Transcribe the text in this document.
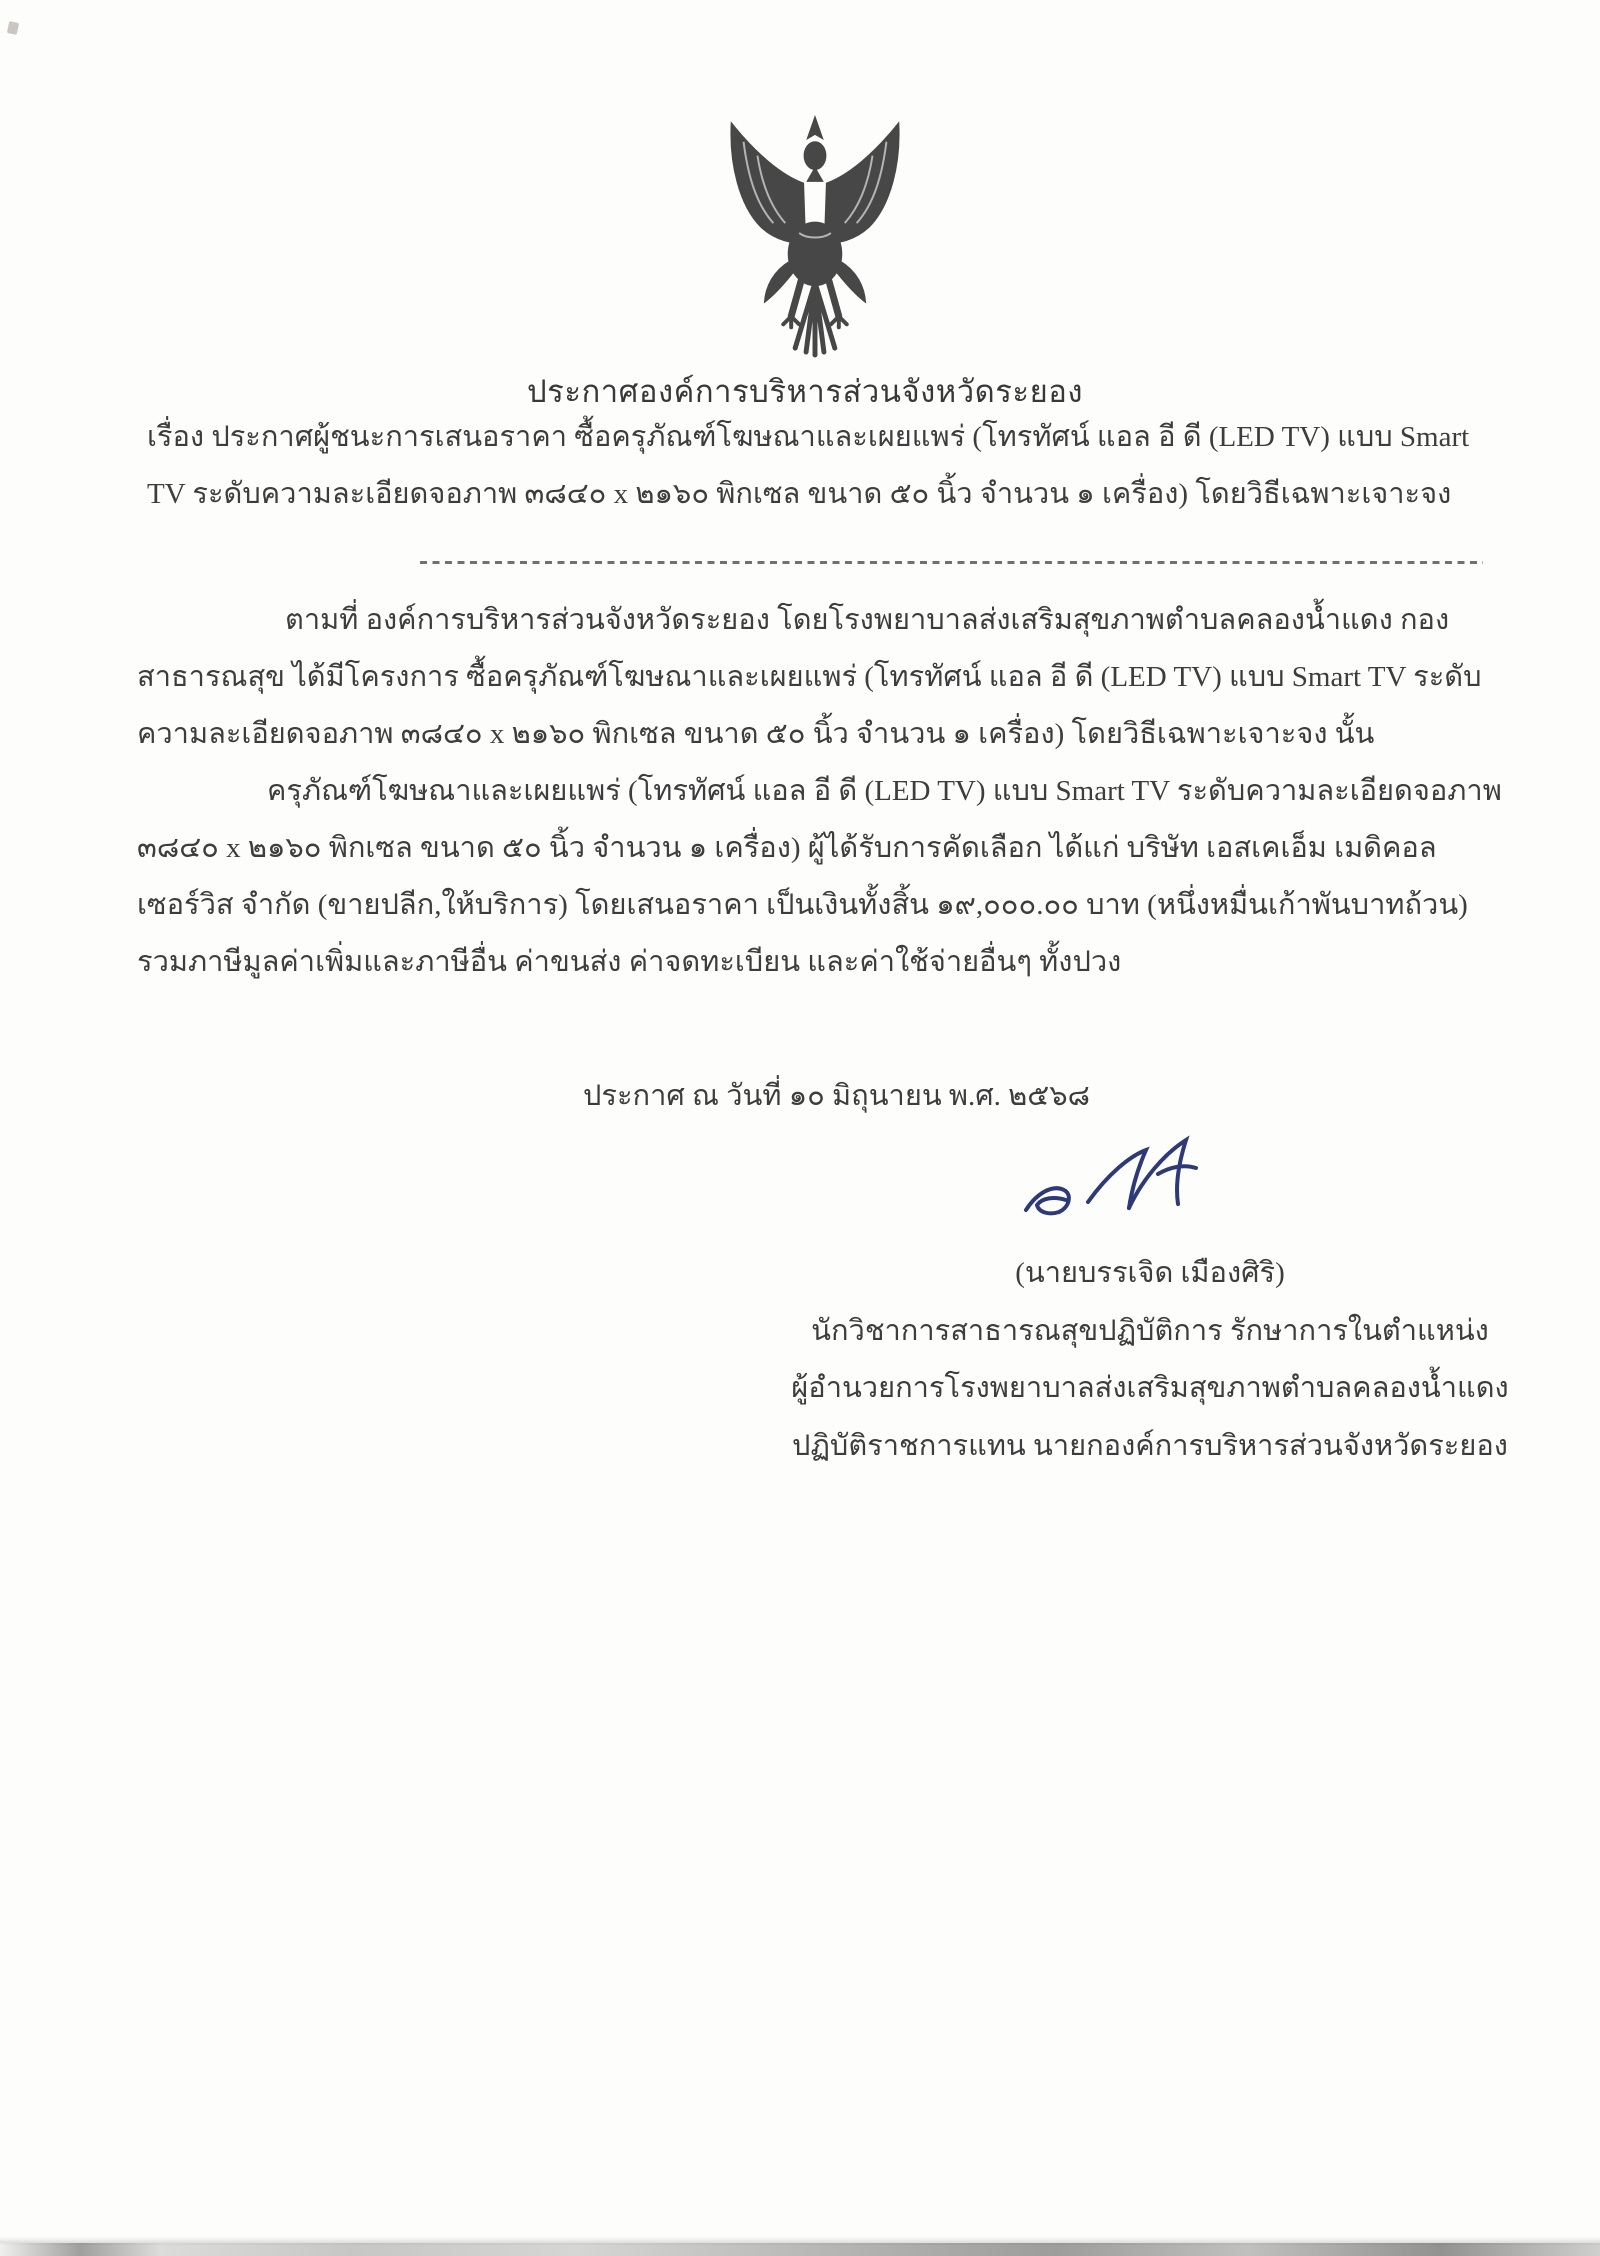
ประกาศองค์การบริหารส่วนจังหวัดระยอง
เรื่อง ประกาศผู้ชนะการเสนอราคา ซื้อครุภัณฑ์โฆษณาและเผยแพร่ (โทรทัศน์ แอล อี ดี (LED TV) แบบ Smart
TV ระดับความละเอียดจอภาพ ๓๘๔๐ x ๒๑๖๐ พิกเซล ขนาด ๕๐ นิ้ว จำนวน ๑ เครื่อง) โดยวิธีเฉพาะเจาะจง
ตามที่ องค์การบริหารส่วนจังหวัดระยอง โดยโรงพยาบาลส่งเสริมสุขภาพตำบลคลองน้ำแดง กอง
สาธารณสุข ได้มีโครงการ ซื้อครุภัณฑ์โฆษณาและเผยแพร่ (โทรทัศน์ แอล อี ดี (LED TV) แบบ Smart TV ระดับ
ความละเอียดจอภาพ ๓๘๔๐ x ๒๑๖๐ พิกเซล ขนาด ๕๐ นิ้ว จำนวน ๑ เครื่อง) โดยวิธีเฉพาะเจาะจง นั้น
ครุภัณฑ์โฆษณาและเผยแพร่ (โทรทัศน์ แอล อี ดี (LED TV) แบบ Smart TV ระดับความละเอียดจอภาพ
๓๘๔๐ x ๒๑๖๐ พิกเซล ขนาด ๕๐ นิ้ว จำนวน ๑ เครื่อง) ผู้ได้รับการคัดเลือก ได้แก่ บริษัท เอสเคเอ็ม เมดิคอล
เซอร์วิส จำกัด (ขายปลีก,ให้บริการ) โดยเสนอราคา เป็นเงินทั้งสิ้น ๑๙,๐๐๐.๐๐ บาท (หนึ่งหมื่นเก้าพันบาทถ้วน)
รวมภาษีมูลค่าเพิ่มและภาษีอื่น ค่าขนส่ง ค่าจดทะเบียน และค่าใช้จ่ายอื่นๆ ทั้งปวง
ประกาศ ณ วันที่ ๑๐ มิถุนายน พ.ศ. ๒๕๖๘
(นายบรรเจิด เมืองศิริ)
นักวิชาการสาธารณสุขปฏิบัติการ รักษาการในตำแหน่ง
ผู้อำนวยการโรงพยาบาลส่งเสริมสุขภาพตำบลคลองน้ำแดง
ปฏิบัติราชการแทน นายกองค์การบริหารส่วนจังหวัดระยอง
